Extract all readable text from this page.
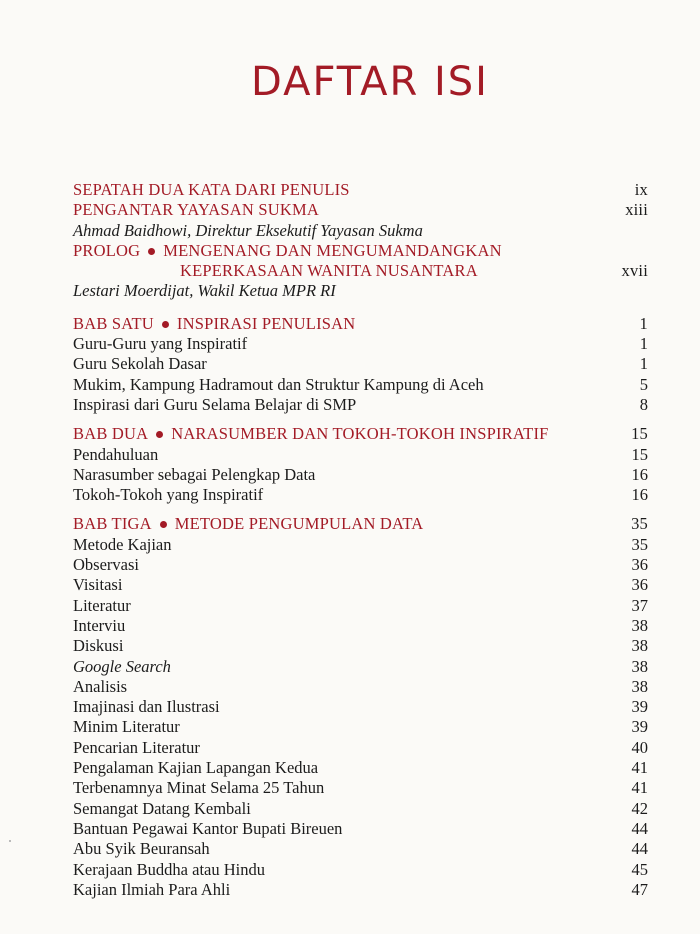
DAFTAR ISI
SEPATAH DUA KATA DARI PENULIS	ix
PENGANTAR YAYASAN SUKMA	xiii
Ahmad Baidhowi, Direktur Eksekutif Yayasan Sukma
PROLOG MENGENANG DAN MENGUMANDANGKAN
KEPERKASAAN WANITA NUSANTARA	xvii
Lestari Moerdijat, Wakil Ketua MPR RI
BAB SATU INSPIRASI PENULISAN	1
Guru-Guru yang Inspiratif	1
Guru Sekolah Dasar	1
Mukim, Kampung Hadramout dan Struktur Kampung di Aceh	5
Inspirasi dari Guru Selama Belajar di SMP	8
BAB DUA NARASUMBER DAN TOKOH-TOKOH INSPIRATIF	15
Pendahuluan	15
Narasumber sebagai Pelengkap Data	16
Tokoh-Tokoh yang Inspiratif	16
BAB TIGA METODE PENGUMPULAN DATA	35
Metode Kajian	35
Observasi	36
Visitasi	36
Literatur	37
Interviu	38
Diskusi	38
Google Search	38
Analisis	38
Imajinasi dan Ilustrasi	39
Minim Literatur	39
Pencarian Literatur	40
Pengalaman Kajian Lapangan Kedua	41
Terbenamnya Minat Selama 25 Tahun	41
Semangat Datang Kembali	42
Bantuan Pegawai Kantor Bupati Bireuen	44
Abu Syik Beuransah	44
Kerajaan Buddha atau Hindu	45
Kajian Ilmiah Para Ahli	47
